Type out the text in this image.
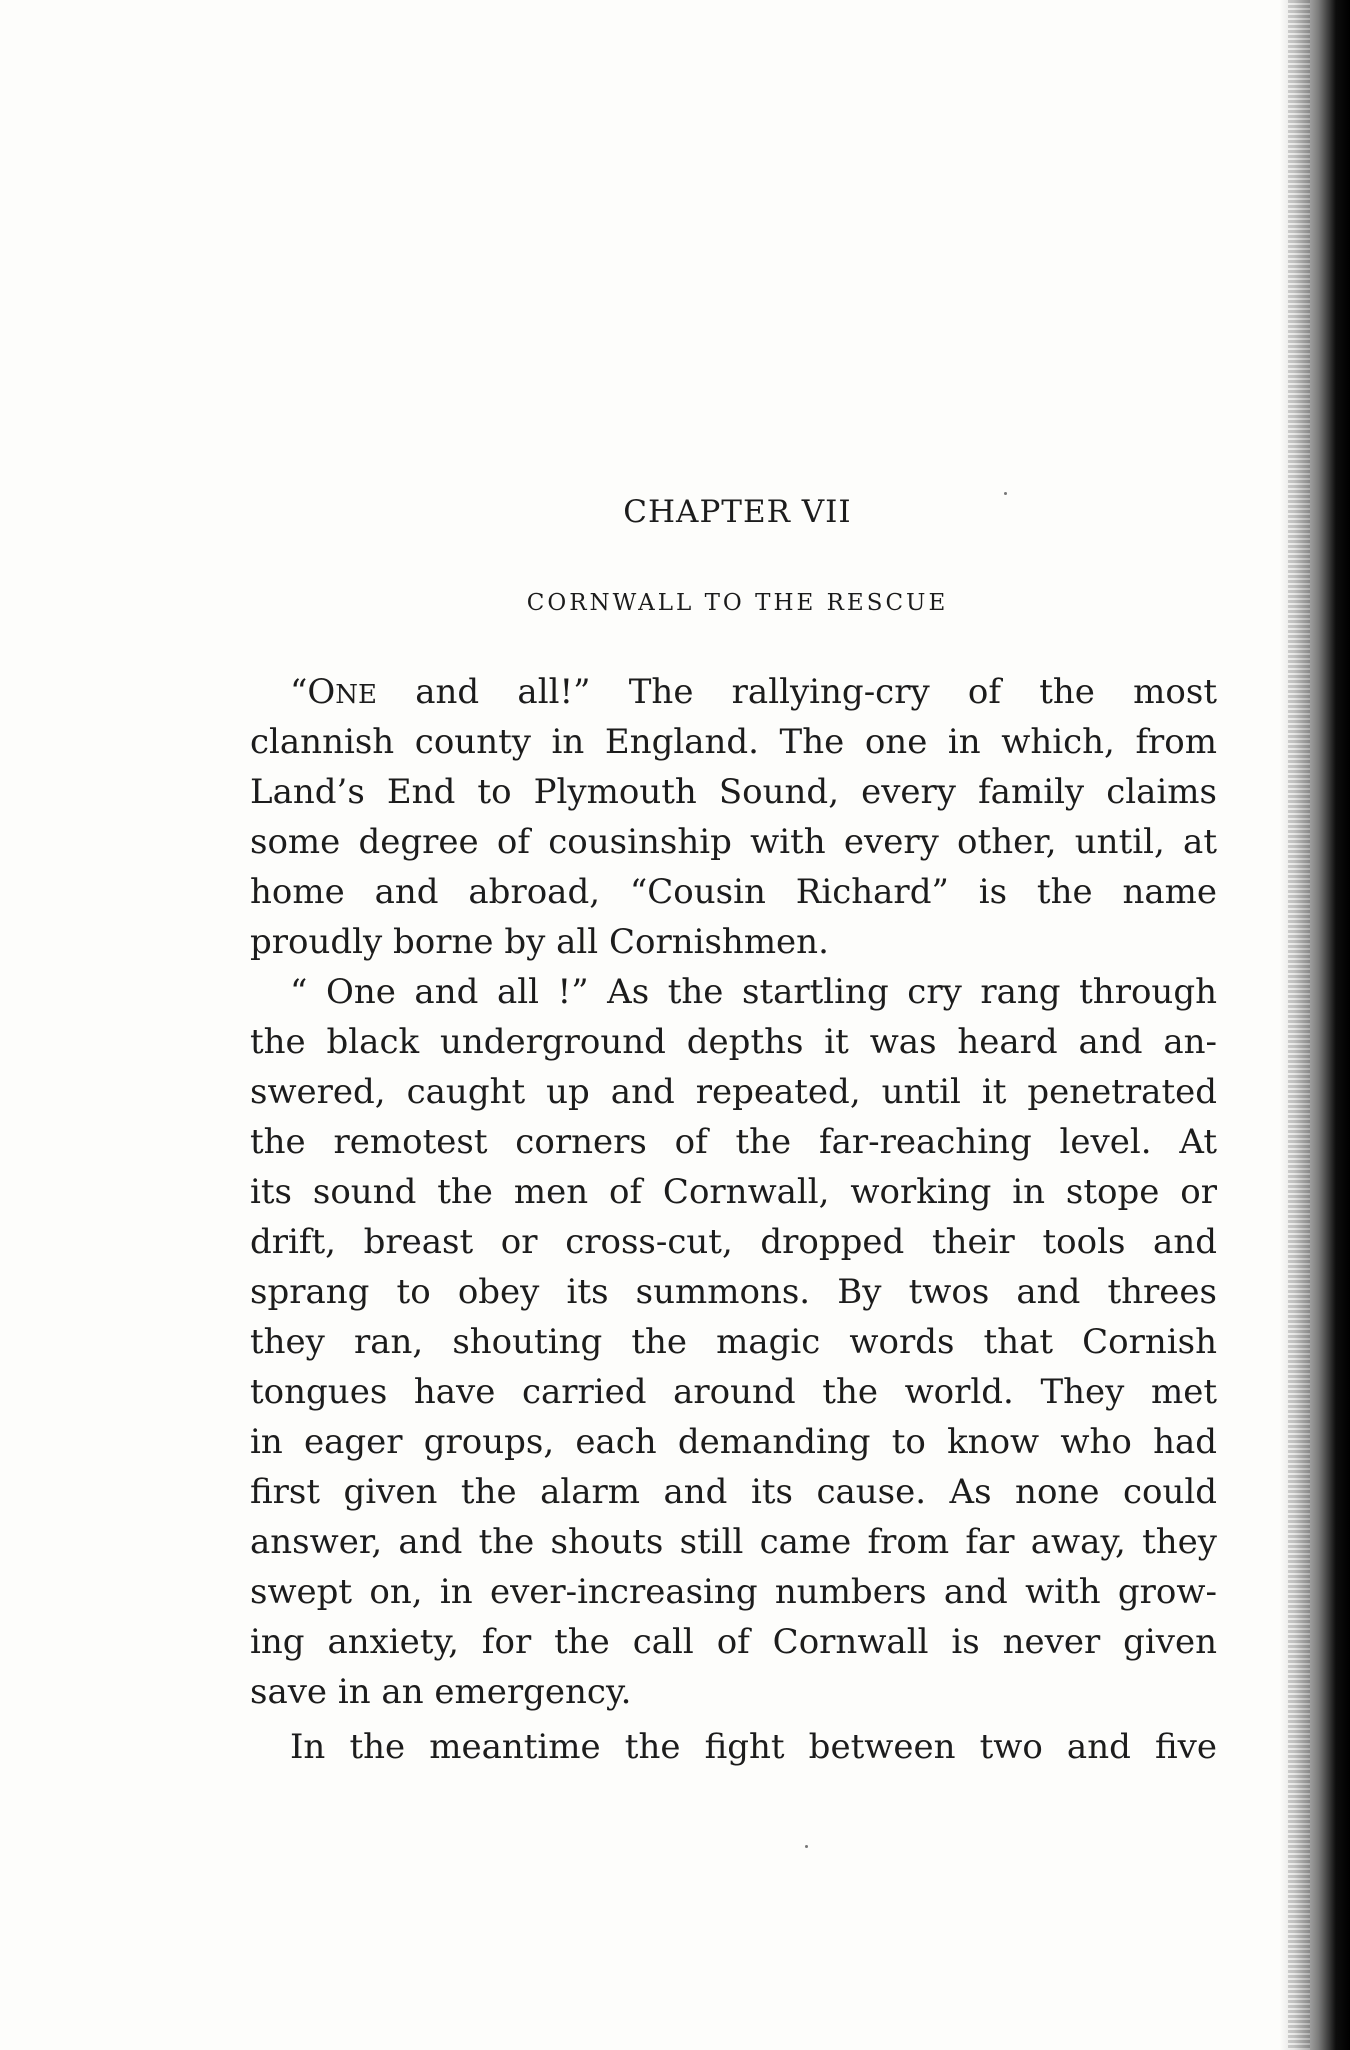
CHAPTER VII
CORNWALL TO THE RESCUE
“ONE and all!” The rallying-cry of the most
clannish county in England. The one in which, from
Land’s End to Plymouth Sound, every family claims
some degree of cousinship with every other, until, at
home and abroad, “Cousin Richard” is the name
proudly borne by all Cornishmen.
“ One and all !” As the startling cry rang through
the black underground depths it was heard and an-
swered, caught up and repeated, until it penetrated
the remotest corners of the far-reaching level. At
its sound the men of Cornwall, working in stope or
drift, breast or cross-cut, dropped their tools and
sprang to obey its summons. By twos and threes
they ran, shouting the magic words that Cornish
tongues have carried around the world. They met
in eager groups, each demanding to know who had
first given the alarm and its cause. As none could
answer, and the shouts still came from far away, they
swept on, in ever-increasing numbers and with grow-
ing anxiety, for the call of Cornwall is never given
save in an emergency.
In the meantime the fight between two and five
